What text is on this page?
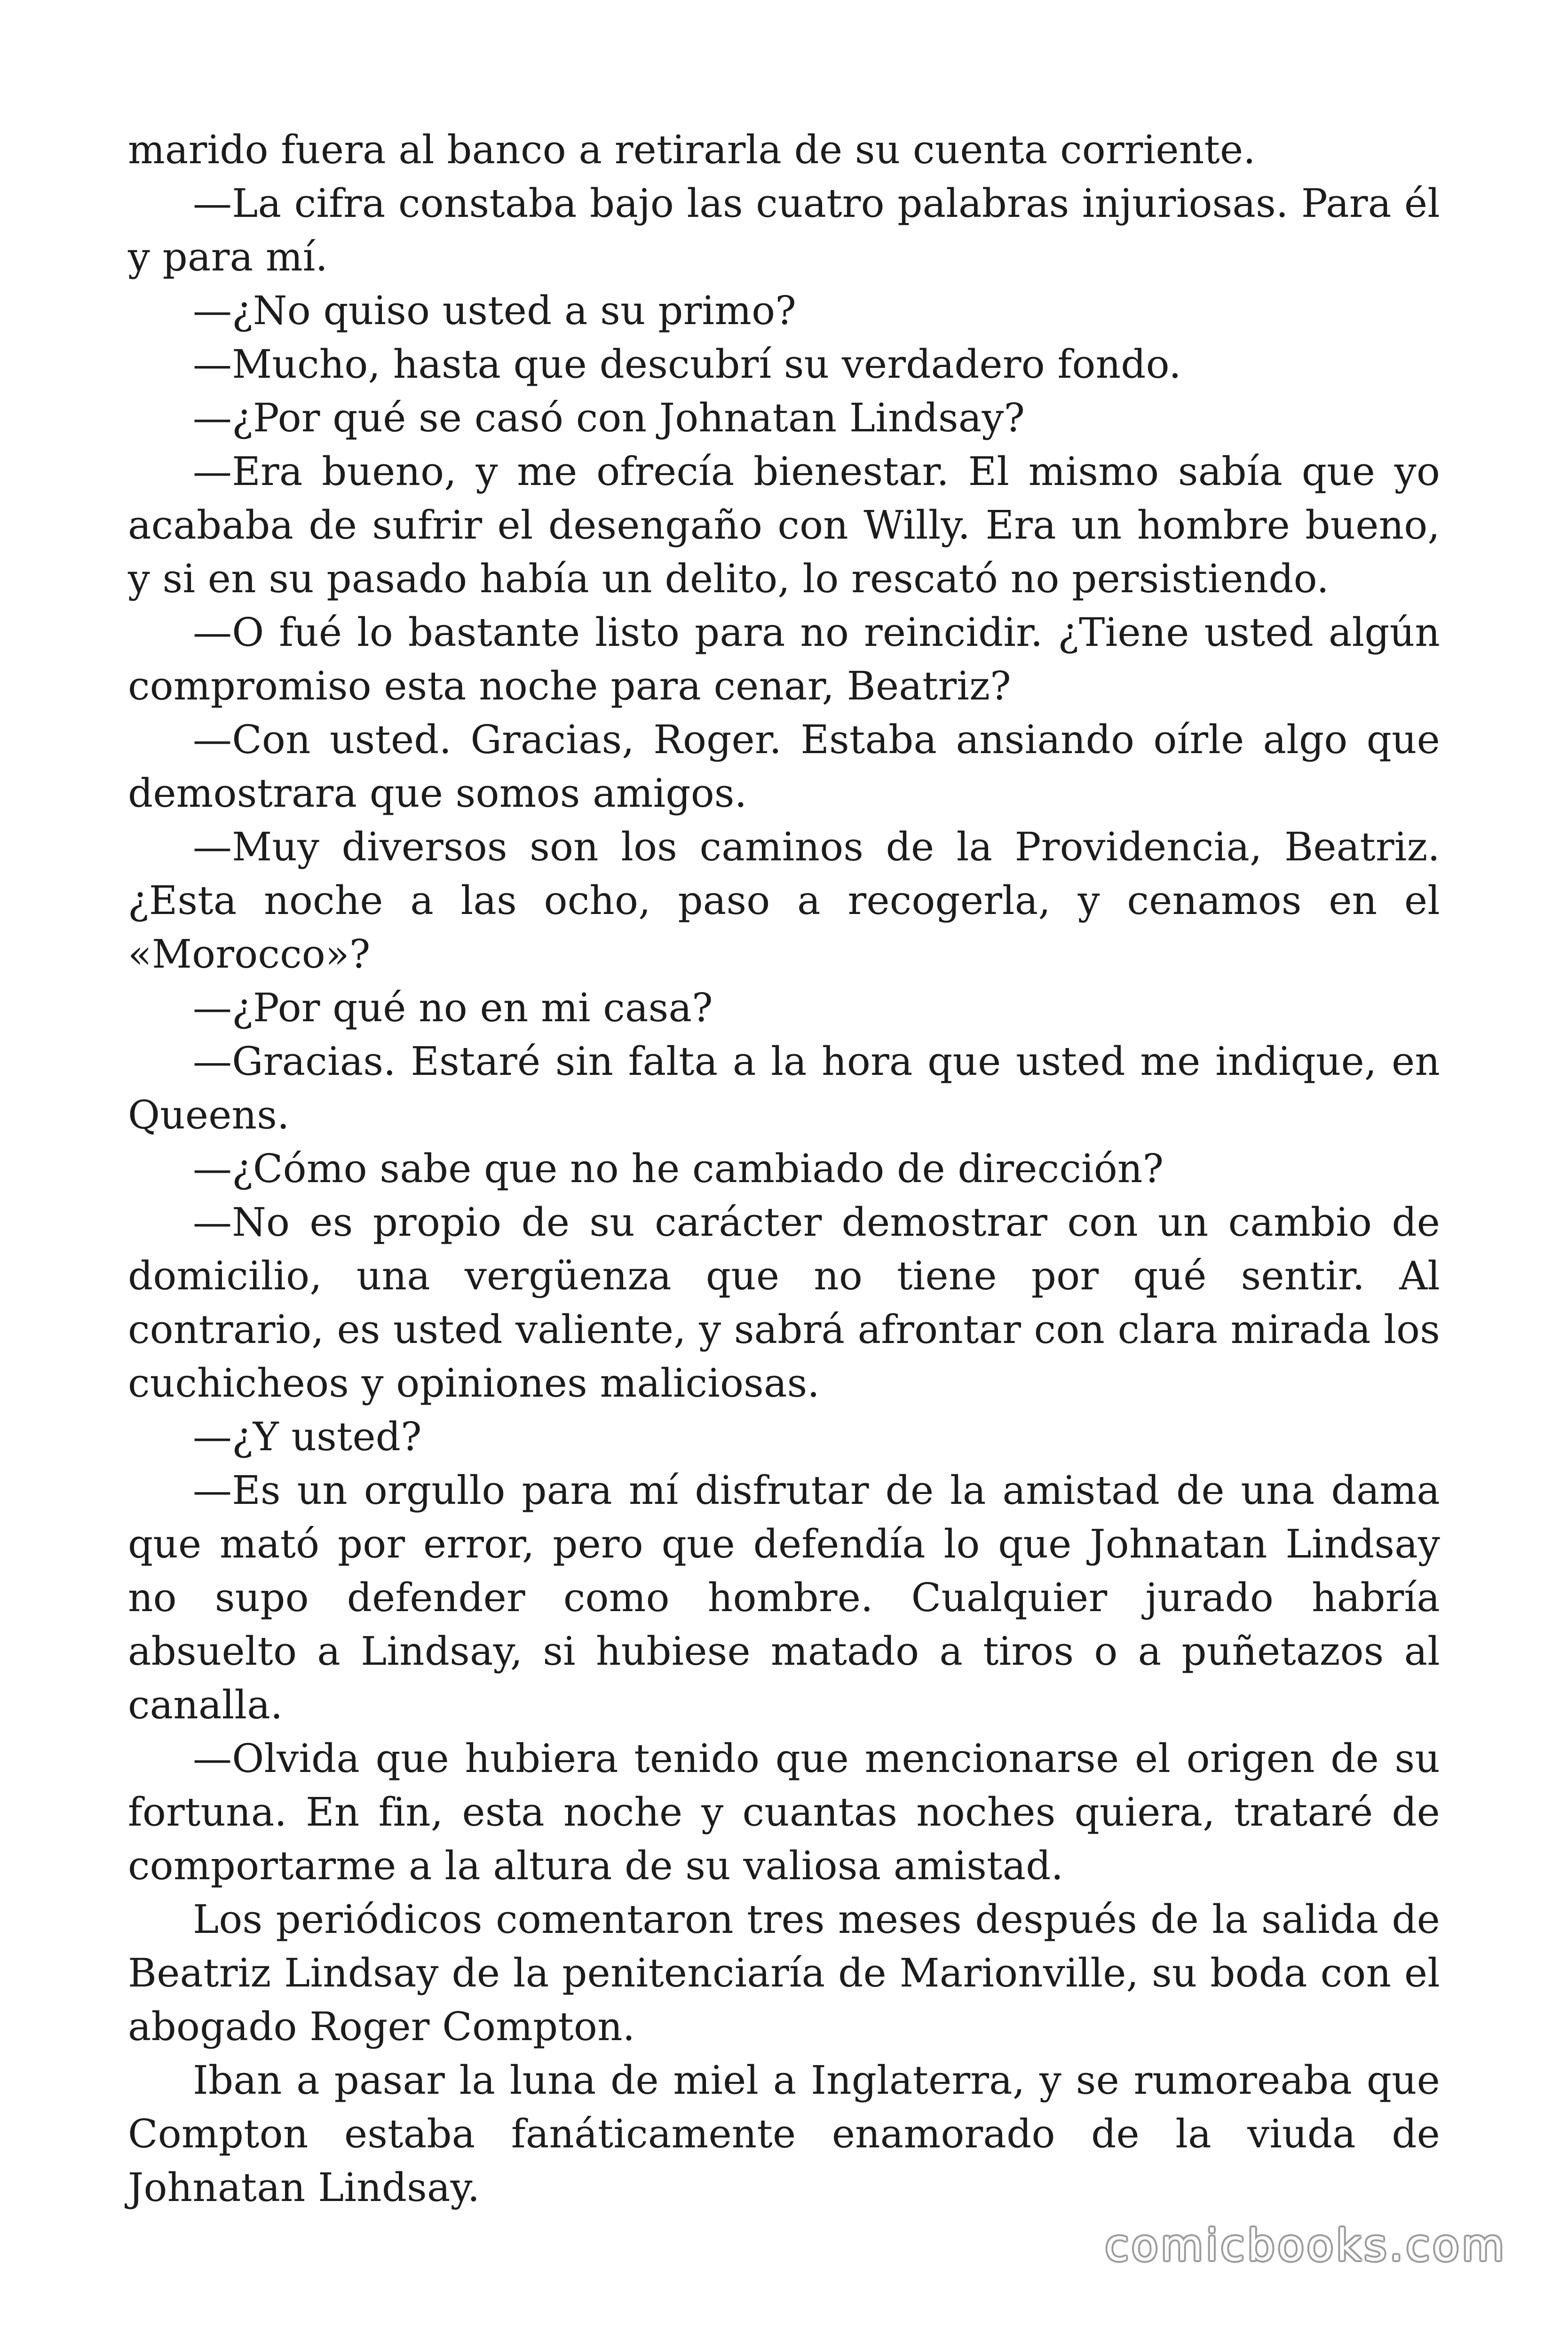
marido fuera al banco a retirarla de su cuenta corriente.

—La cifra constaba bajo las cuatro palabras injuriosas. Para él y para mí.

—¿No quiso usted a su primo?

—Mucho, hasta que descubrí su verdadero fondo.

—¿Por qué se casó con Johnatan Lindsay?

—Era bueno, y me ofrecía bienestar. El mismo sabía que yo acababa de sufrir el desengaño con Willy. Era un hombre bueno, y si en su pasado había un delito, lo rescató no persistiendo.

—O fué lo bastante listo para no reincidir. ¿Tiene usted algún compromiso esta noche para cenar, Beatriz?

—Con usted. Gracias, Roger. Estaba ansiando oírle algo que demostrara que somos amigos.

—Muy diversos son los caminos de la Providencia, Beatriz. ¿Esta noche a las ocho, paso a recogerla, y cenamos en el «Morocco»?

—¿Por qué no en mi casa?

—Gracias. Estaré sin falta a la hora que usted me indique, en Queens.

—¿Cómo sabe que no he cambiado de dirección?

—No es propio de su carácter demostrar con un cambio de domicilio, una vergüenza que no tiene por qué sentir. Al contrario, es usted valiente, y sabrá afrontar con clara mirada los cuchicheos y opiniones maliciosas.

—¿Y usted?

—Es un orgullo para mí disfrutar de la amistad de una dama que mató por error, pero que defendía lo que Johnatan Lindsay no supo defender como hombre. Cualquier jurado habría absuelto a Lindsay, si hubiese matado a tiros o a puñetazos al canalla.

—Olvida que hubiera tenido que mencionarse el origen de su fortuna. En fin, esta noche y cuantas noches quiera, trataré de comportarme a la altura de su valiosa amistad.

Los periódicos comentaron tres meses después de la salida de Beatriz Lindsay de la penitenciaría de Marionville, su boda con el abogado Roger Compton.

Iban a pasar la luna de miel a Inglaterra, y se rumoreaba que Compton estaba fanáticamente enamorado de la viuda de Johnatan Lindsay.

comicbooks.com
